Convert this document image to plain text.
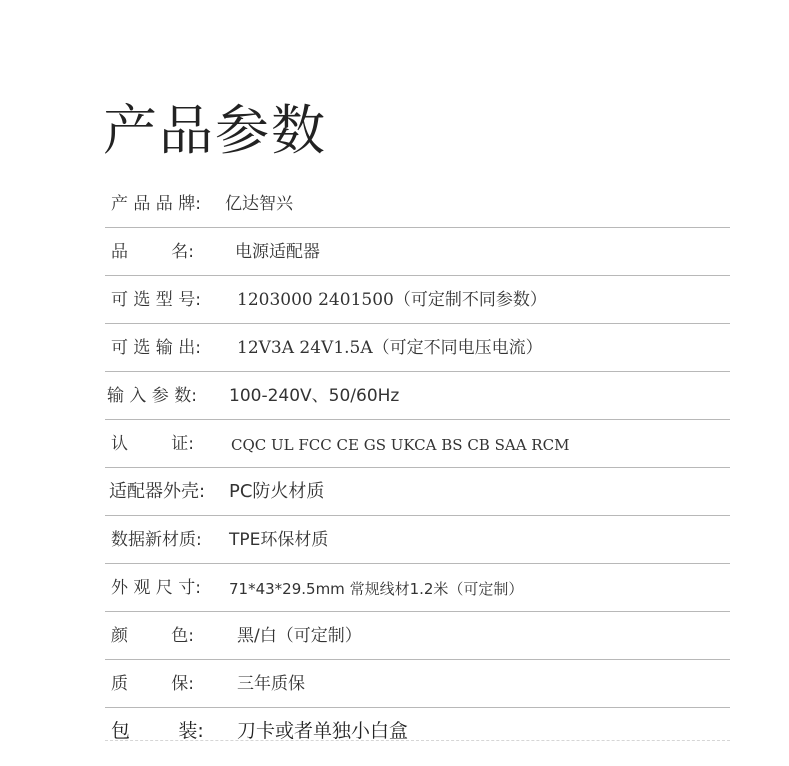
产品参数
产 品 品 牌: 亿达智兴
品        名: 电源适配器
可 选 型 号: 1203000 2401500（可定制不同参数）
可 选 输 出: 12V3A 24V1.5A（可定不同电压电流）
输 入 参 数: 100-240V、50/60Hz
认        证: CQC UL FCC CE GS UKCA BS CB SAA RCM
适配器外壳: PC防火材质
数据新材质: TPE环保材质
外 观 尺 寸: 71*43*29.5mm 常规线材1.2米（可定制）
颜        色: 黑/白（可定制）
质        保: 三年质保
包        装: 刀卡或者单独小白盒
